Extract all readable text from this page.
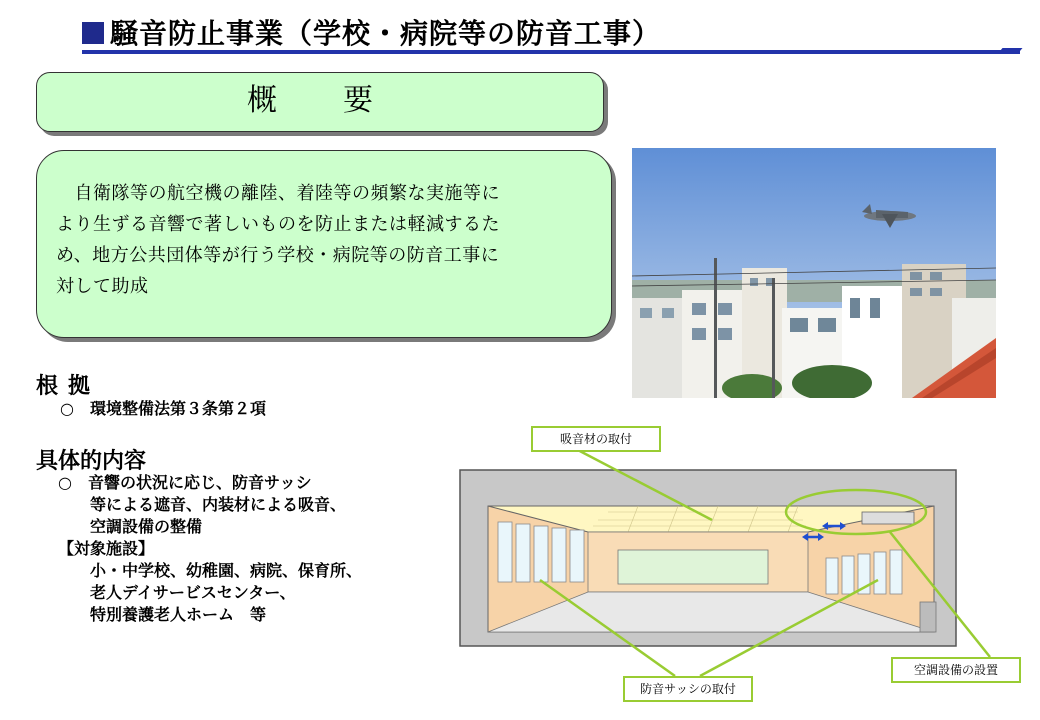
騒音防止事業（学校・病院等の防音工事）
概　要
　自衛隊等の航空機の離陸、着陸等の頻繁な実施等に
より生ずる音響で著しいものを防止または軽減するた
め、地方公共団体等が行う学校・病院等の防音工事に
対して助成
根拠
○　環境整備法第３条第２項
具体的内容
○　音響の状況に応じ、防音サッシ
　　等による遮音、内装材による吸音、
　　空調設備の整備
【対象施設】
　　小・中学校、幼稚園、病院、保育所、
　　老人デイサービスセンター、
　　特別養護老人ホーム　等
吸音材の取付
防音サッシの取付
空調設備の設置
